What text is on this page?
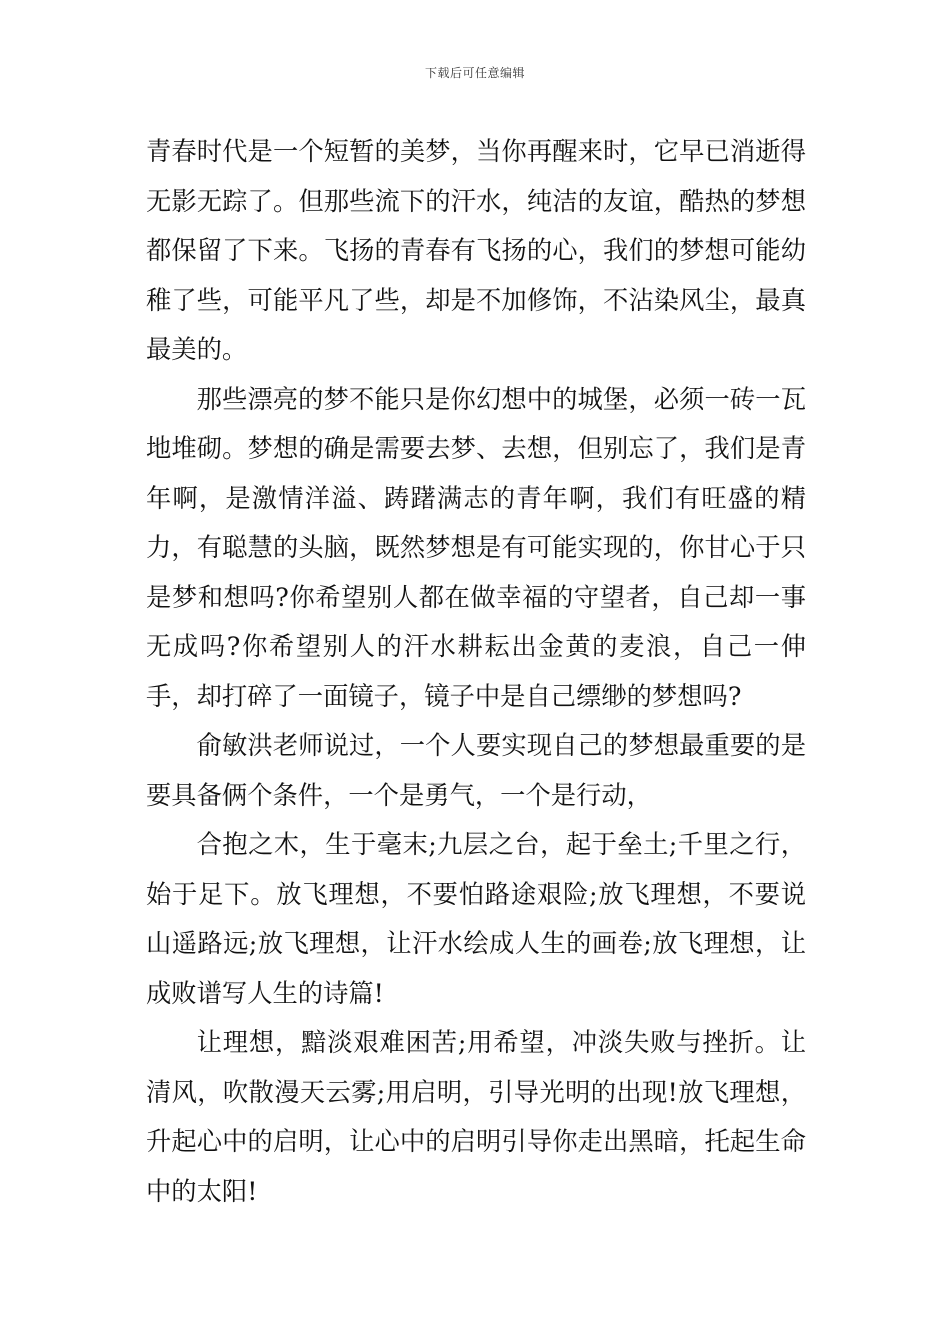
下载后可任意编辑

青春时代是一个短暂的美梦，当你再醒来时，它早已消逝得无影无踪了。但那些流下的汗水，纯洁的友谊，酷热的梦想都保留了下来。飞扬的青春有飞扬的心，我们的梦想可能幼稚了些，可能平凡了些，却是不加修饰，不沾染风尘，最真最美的。

那些漂亮的梦不能只是你幻想中的城堡，必须一砖一瓦地堆砌。梦想的确是需要去梦、去想，但别忘了，我们是青年啊，是激情洋溢、踌躇满志的青年啊，我们有旺盛的精力，有聪慧的头脑，既然梦想是有可能实现的，你甘心于只是梦和想吗?你希望别人都在做幸福的守望者，自己却一事无成吗?你希望别人的汗水耕耘出金黄的麦浪，自己一伸手，却打碎了一面镜子，镜子中是自己缥缈的梦想吗?

俞敏洪老师说过，一个人要实现自己的梦想最重要的是要具备俩个条件，一个是勇气，一个是行动，

合抱之木，生于毫末;九层之台，起于垒土;千里之行，始于足下。放飞理想，不要怕路途艰险;放飞理想，不要说山遥路远;放飞理想，让汗水绘成人生的画卷;放飞理想，让成败谱写人生的诗篇!

让理想，黯淡艰难困苦;用希望，冲淡失败与挫折。让清风，吹散漫天云雾;用启明，引导光明的出现!放飞理想，升起心中的启明，让心中的启明引导你走出黑暗，托起生命中的太阳!
